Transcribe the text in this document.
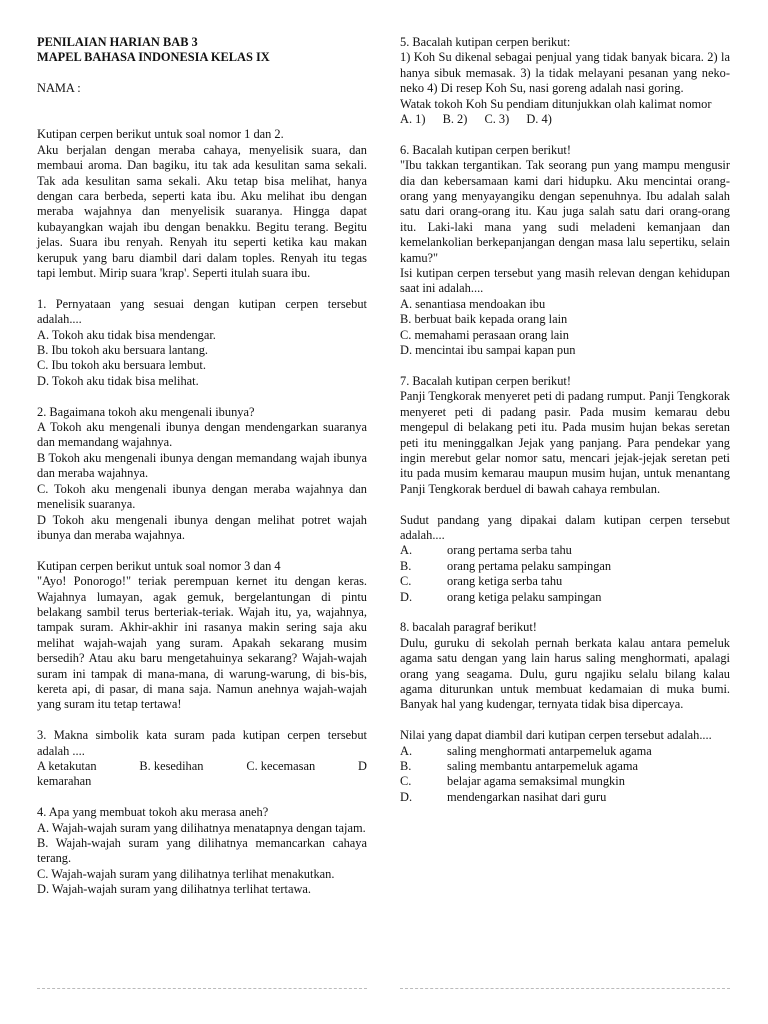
PENILAIAN HARIAN BAB 3

MAPEL BAHASA INDONESIA KELAS IX

NAMA :

Kutipan cerpen berikut untuk soal nomor 1 dan 2.

Aku berjalan dengan meraba cahaya, menyelisik suara, dan membaui aroma. Dan bagiku, itu tak ada kesulitan sama sekali. Tak ada kesulitan sama sekali. Aku tetap bisa melihat, hanya dengan cara berbeda, seperti kata ibu. Aku melihat ibu dengan meraba wajahnya dan menyelisik suaranya. Hingga dapat kubayangkan wajah ibu dengan benakku. Begitu terang. Begitu jelas. Suara ibu renyah. Renyah itu seperti ketika kau makan kerupuk yang baru diambil dari dalam toples. Renyah itu tegas tapi lembut. Mirip suara 'krap'. Seperti itulah suara ibu.

1. Pernyataan yang sesuai dengan kutipan cerpen tersebut adalah....

A. Tokoh aku tidak bisa mendengar.

B. Ibu tokoh aku bersuara lantang.

C. Ibu tokoh aku bersuara lembut.

D. Tokoh aku tidak bisa melihat.

2. Bagaimana tokoh aku mengenali ibunya?

A Tokoh aku mengenali ibunya dengan mendengarkan suaranya dan memandang wajahnya.

B Tokoh aku mengenali ibunya dengan memandang wajah ibunya dan meraba wajahnya.

C. Tokoh aku mengenali ibunya dengan meraba wajahnya dan menelisik suaranya.

D Tokoh aku mengenali ibunya dengan melihat potret wajah ibunya dan meraba wajahnya.

Kutipan cerpen berikut untuk soal nomor 3 dan 4

"Ayo! Ponorogo!" teriak perempuan kernet itu dengan keras. Wajahnya lumayan, agak gemuk, bergelantungan di pintu belakang sambil terus berteriak-teriak. Wajah itu, ya, wajahnya, tampak suram. Akhir-akhir ini rasanya makin sering saja aku melihat wajah-wajah yang suram. Apakah sekarang musim bersedih? Atau aku baru mengetahuinya sekarang? Wajah-wajah suram ini tampak di mana-mana, di warung-warung, di bis-bis, kereta api, di pasar, di mana saja. Namun anehnya wajah-wajah yang suram itu tetap tertawa!

3. Makna simbolik kata suram pada kutipan cerpen tersebut adalah ....

A ketakutan	B. kesedihan	C. kecemasan	D

kemarahan

4. Apa yang membuat tokoh aku merasa aneh?

A. Wajah-wajah suram yang dilihatnya menatapnya dengan tajam.

B. Wajah-wajah suram yang dilihatnya memancarkan cahaya terang.

C. Wajah-wajah suram yang dilihatnya terlihat menakutkan.

D. Wajah-wajah suram yang dilihatnya terlihat tertawa.

5. Bacalah kutipan cerpen berikut:

1) Koh Su dikenal sebagai penjual yang tidak banyak bicara. 2) la hanya sibuk memasak. 3) la tidak melayani pesanan yang neko-neko 4) Di resep Koh Su, nasi goreng adalah nasi goring.

Watak tokoh Koh Su pendiam ditunjukkan olah kalimat nomor

A. 1) B. 2) C. 3) D. 4)

6. Bacalah kutipan cerpen berikut!

"Ibu takkan tergantikan. Tak seorang pun yang mampu mengusir dia dan kebersamaan kami dari hidupku. Aku mencintai orang-orang yang menyayangiku dengan sepenuhnya. Ibu adalah salah satu dari orang-orang itu. Kau juga salah satu dari orang-orang itu. Laki-laki mana yang sudi meladeni kemanjaan dan kemelankolian berkepanjangan dengan masa lalu sepertiku, selain kamu?"

Isi kutipan cerpen tersebut yang masih relevan dengan kehidupan saat ini adalah....

A. senantiasa mendoakan ibu

B. berbuat baik kepada orang lain

C. memahami perasaan orang lain

D. mencintai ibu sampai kapan pun

7. Bacalah kutipan cerpen berikut!

Panji Tengkorak menyeret peti di padang rumput. Panji Tengkorak menyeret peti di padang pasir. Pada musim kemarau debu mengepul di belakang peti itu. Pada musim hujan bekas seretan peti itu meninggalkan Jejak yang panjang. Para pendekar yang ingin merebut gelar nomor satu, mencari jejak-jejak seretan peti itu pada musim kemarau maupun musim hujan, untuk menantang Panji Tengkorak berduel di bawah cahaya rembulan.

Sudut pandang yang dipakai dalam kutipan cerpen tersebut adalah....

A.	orang pertama serba tahu
B.	orang pertama pelaku sampingan
C.	orang ketiga serba tahu
D.	orang ketiga pelaku sampingan

8. bacalah paragraf berikut!

Dulu, guruku di sekolah pernah berkata kalau antara pemeluk agama satu dengan yang lain harus saling menghormati, apalagi orang yang seagama. Dulu, guru ngajiku selalu bilang kalau agama diturunkan untuk membuat kedamaian di muka bumi. Banyak hal yang kudengar, ternyata tidak bisa dipercaya.

Nilai yang dapat diambil dari kutipan cerpen tersebut adalah....

A.	saling menghormati antarpemeluk agama
B.	saling membantu antarpemeluk agama
C.	belajar agama semaksimal mungkin
D.	mendengarkan nasihat dari guru
